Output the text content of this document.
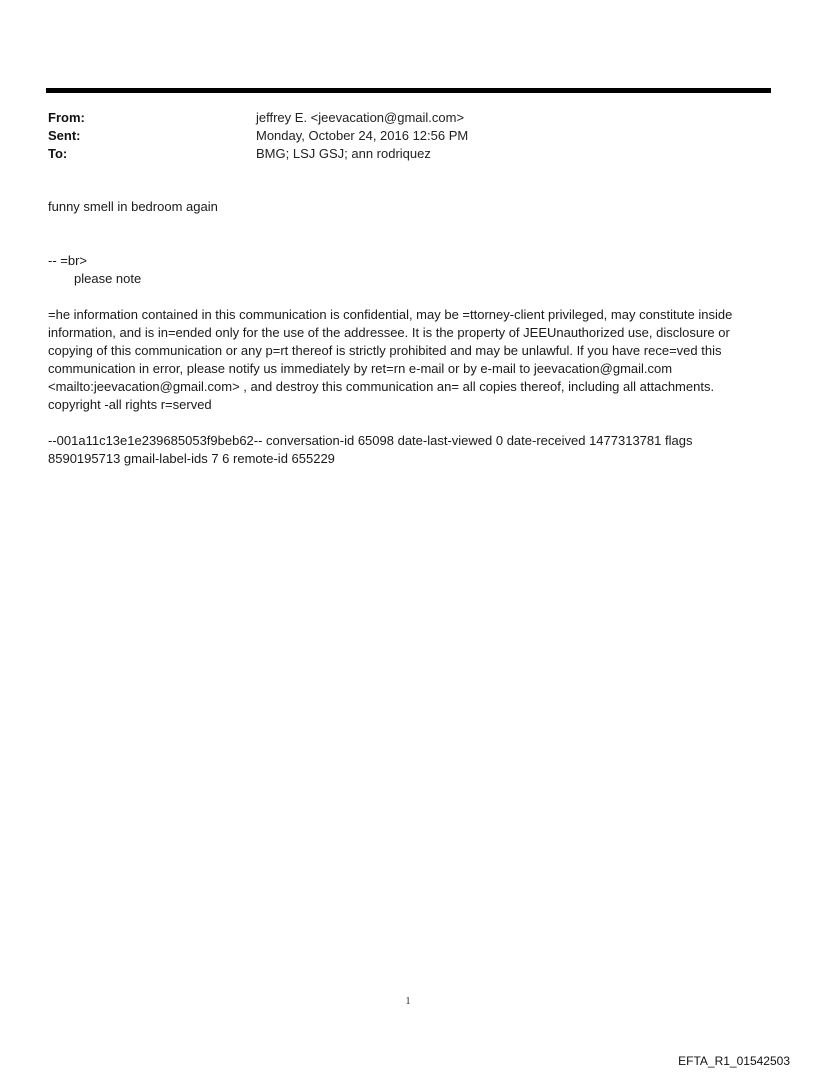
From:	jeffrey E. <jeevacation@gmail.com>
Sent:	Monday, October 24, 2016 12:56 PM
To:	BMG; LSJ GSJ; ann rodriquez
funny smell in bedroom again
-- =br>
please note
=he information contained in this communication is confidential, may be =ttorney-client privileged, may constitute inside information, and is in=ended only for the use of the addressee. It is the property of JEEUnauthorized use, disclosure or copying of this communication or any p=rt thereof is strictly prohibited and may be unlawful. If you have rece=ved this communication in error, please notify us immediately by ret=rn e-mail or by e-mail to jeevacation@gmail.com <mailto:jeevacation@gmail.com> , and destroy this communication an= all copies thereof, including all attachments. copyright -all rights r=served
--001a11c13e1e239685053f9beb62-- conversation-id 65098 date-last-viewed 0 date-received 1477313781 flags 8590195713 gmail-label-ids 7 6 remote-id 655229
1
EFTA_R1_01542503
